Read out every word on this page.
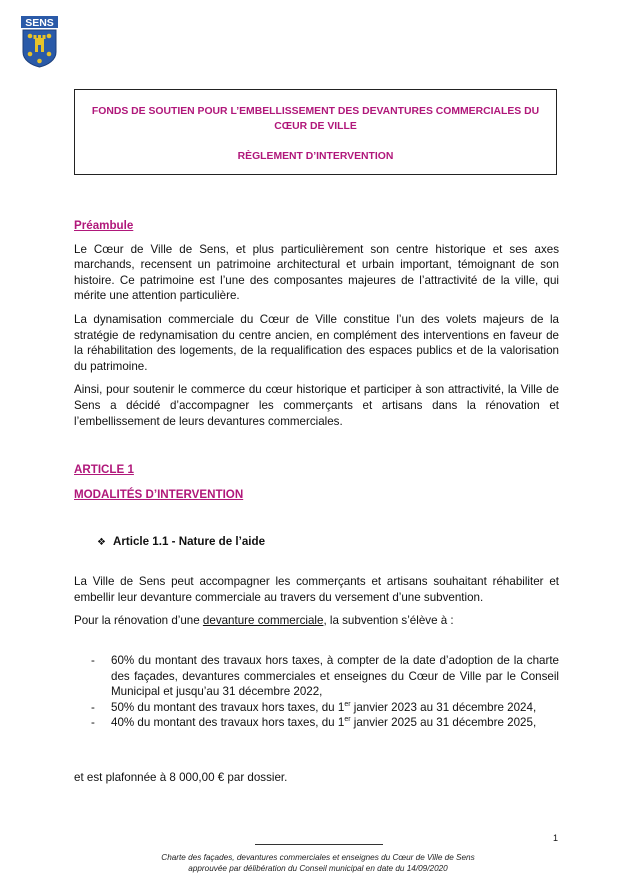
SENS
FONDS DE SOUTIEN POUR L’EMBELLISSEMENT DES DEVANTURES COMMERCIALES DU
CŒUR DE VILLE
RÈGLEMENT D’INTERVENTION
Préambule

Le Cœur de Ville de Sens, et plus particulièrement son centre historique et ses axes marchands, recensent un patrimoine architectural et urbain important, témoignant de son histoire. Ce patrimoine est l’une des composantes majeures de l’attractivité de la ville, qui mérite une attention particulière.

La dynamisation commerciale du Cœur de Ville constitue l’un des volets majeurs de la stratégie de redynamisation du centre ancien, en complément des interventions en faveur de la réhabilitation des logements, de la requalification des espaces publics et de la valorisation du patrimoine.

Ainsi, pour soutenir le commerce du cœur historique et participer à son attractivité, la Ville de Sens a décidé d’accompagner les commerçants et artisans dans la rénovation et l’embellissement de leurs devantures commerciales.

ARTICLE 1
MODALITÉS D’INTERVENTION
❖ Article 1.1 - Nature de l’aide

La Ville de Sens peut accompagner les commerçants et artisans souhaitant réhabiliter et embellir leur devanture commerciale au travers du versement d’une subvention.

Pour la rénovation d’une devanture commerciale, la subvention s’élève à :

- 60% du montant des travaux hors taxes, à compter de la date d’adoption de la charte des façades, devantures commerciales et enseignes du Cœur de Ville par le Conseil Municipal et jusqu’au 31 décembre 2022,
- 50% du montant des travaux hors taxes, du 1er janvier 2023 au 31 décembre 2024,
- 40% du montant des travaux hors taxes, du 1er janvier 2025 au 31 décembre 2025,

et est plafonnée à 8 000,00 € par dossier.

1
Charte des façades, devantures commerciales et enseignes du Cœur de Ville de Sens
approuvée par délibération du Conseil municipal en date du 14/09/2020
